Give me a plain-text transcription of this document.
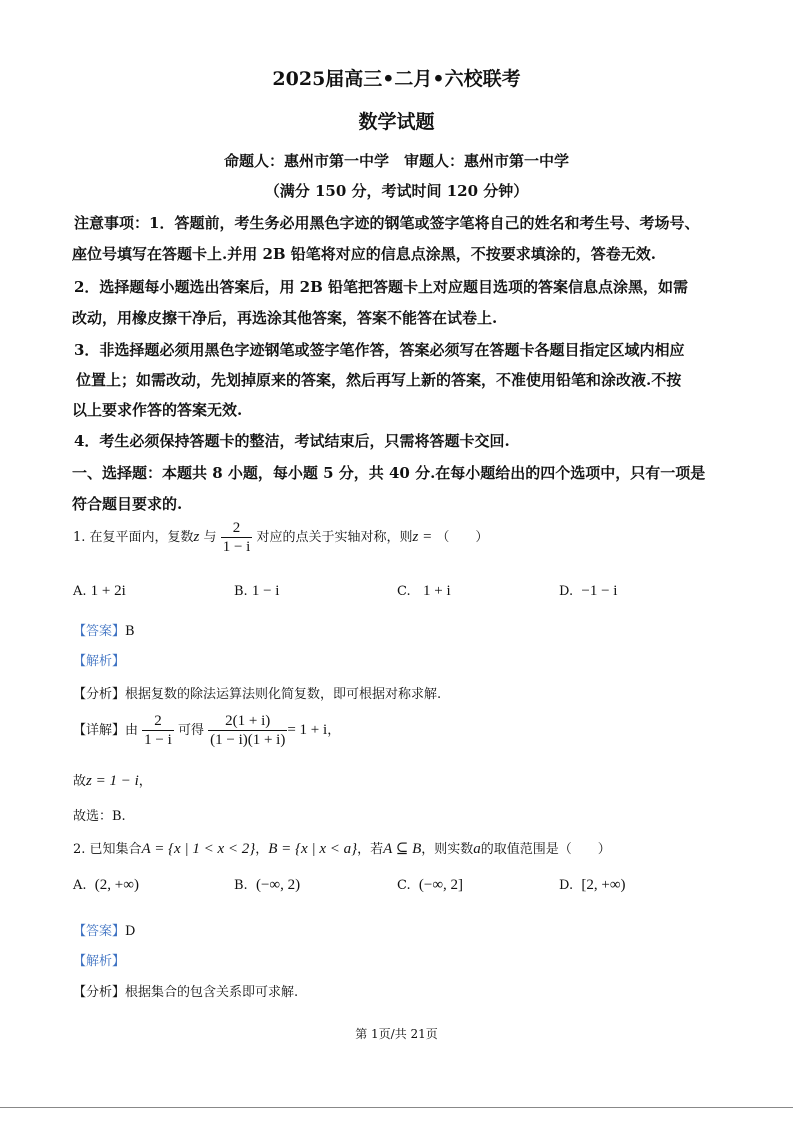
2025届高三•二月•六校联考
数学试题
命题人：惠州市第一中学　审题人：惠州市第一中学
（满分 150 分，考试时间 120 分钟）
注意事项：1．答题前，考生务必用黑色字迹的钢笔或签字笔将自己的姓名和考生号、考场号、
座位号填写在答题卡上.并用 2B 铅笔将对应的信息点涂黑，不按要求填涂的，答卷无效.
2．选择题每小题选出答案后，用 2B 铅笔把答题卡上对应题目选项的答案信息点涂黑，如需
改动，用橡皮擦干净后，再选涂其他答案，答案不能答在试卷上.
3．非选择题必须用黑色字迹钢笔或签字笔作答，答案必须写在答题卡各题目指定区域内相应
位置上；如需改动，先划掉原来的答案，然后再写上新的答案，不准使用铅笔和涂改液.不按
以上要求作答的答案无效.
4．考生必须保持答题卡的整洁，考试结束后，只需将答题卡交回.
一、选择题：本题共 8 小题，每小题 5 分，共 40 分.在每小题给出的四个选项中，只有一项是
符合题目要求的.
1. 在复平面内，复数z 与 $\frac{2}{1 - i}$ 对应的点关于实轴对称，则z = （　　）
A. 1 + 2i	B. 1 − i	C. 1 + i	D. −1 − i
【答案】B
【解析】
【分析】根据复数的除法运算法则化简复数，即可根据对称求解.
【详解】由 $\frac{2}{1 - i}$ 可得 $\frac{2(1 + i)}{(1 - i)(1 + i)} = 1 + i$，
故z = 1 − i，
故选：B.
2. 已知集合A = {x | 1 < x < 2}，B = {x | x < a}，若A ⊆ B，则实数a的取值范围是（　　）
A. (2, +∞)	B. (−∞, 2)	C. (−∞, 2]	D. [2, +∞)
【答案】D
【解析】
【分析】根据集合的包含关系即可求解.
第 1页/共 21页
